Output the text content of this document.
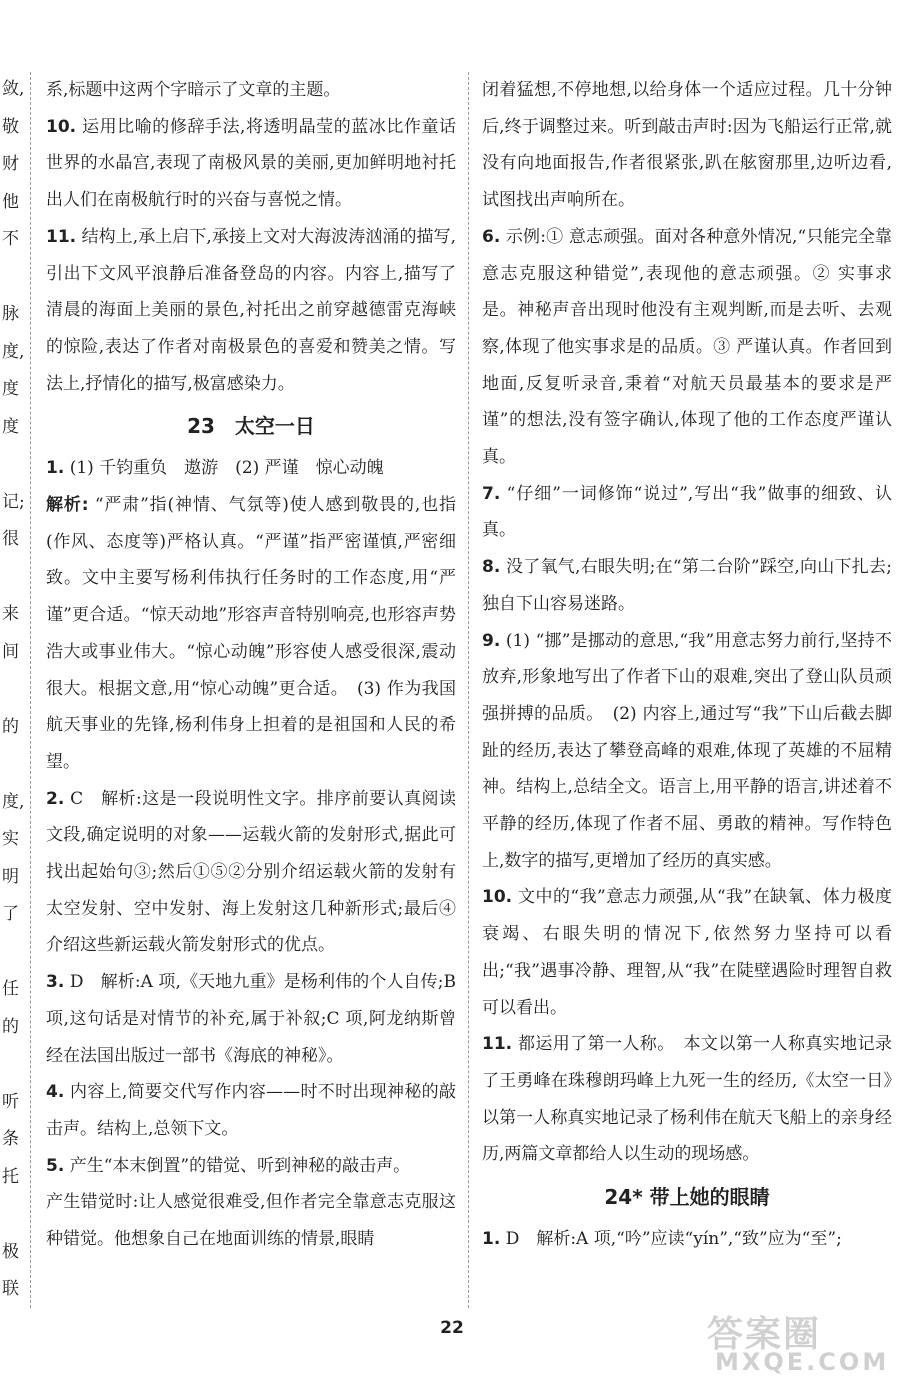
敛,
敬
财
他
不
脉
度,
度
度
记;
很
来
间
的
度,
实
明
了
任
的
听
条
托
极
联

系,标题中这两个字暗示了文章的主题。

10. 运用比喻的修辞手法,将透明晶莹的蓝冰比作童话世界的水晶宫,表现了南极风景的美丽,更加鲜明地衬托出人们在南极航行时的兴奋与喜悦之情。

11. 结构上,承上启下,承接上文对大海波涛汹涌的描写,引出下文风平浪静后准备登岛的内容。内容上,描写了清晨的海面上美丽的景色,衬托出之前穿越德雷克海峡的惊险,表达了作者对南极景色的喜爱和赞美之情。写法上,抒情化的描写,极富感染力。

23　太空一日

1. (1) 千钧重负　遨游　(2) 严谨　惊心动魄

解析: “严肃”指(神情、气氛等)使人感到敬畏的,也指(作风、态度等)严格认真。“严谨”指严密谨慎,严密细致。文中主要写杨利伟执行任务时的工作态度,用“严谨”更合适。“惊天动地”形容声音特别响亮,也形容声势浩大或事业伟大。“惊心动魄”形容使人感受很深,震动很大。根据文意,用“惊心动魄”更合适。　(3) 作为我国航天事业的先锋,杨利伟身上担着的是祖国和人民的希望。

2. C　解析:这是一段说明性文字。排序前要认真阅读文段,确定说明的对象——运载火箭的发射形式,据此可找出起始句③;然后①⑤②分别介绍运载火箭的发射有太空发射、空中发射、海上发射这几种新形式;最后④介绍这些新运载火箭发射形式的优点。

3. D　解析:A 项,《天地九重》是杨利伟的个人自传;B 项,这句话是对情节的补充,属于补叙;C 项,阿龙纳斯曾经在法国出版过一部书《海底的神秘》。

4. 内容上,简要交代写作内容——时不时出现神秘的敲击声。结构上,总领下文。

5. 产生“本末倒置”的错觉、听到神秘的敲击声。

产生错觉时:让人感觉很难受,但作者完全靠意志克服这种错觉。他想象自己在地面训练的情景,眼睛

闭着猛想,不停地想,以给身体一个适应过程。几十分钟后,终于调整过来。听到敲击声时:因为飞船运行正常,就没有向地面报告,作者很紧张,趴在舷窗那里,边听边看,试图找出声响所在。

6. 示例:① 意志顽强。面对各种意外情况,“只能完全靠意志克服这种错觉”,表现他的意志顽强。② 实事求是。神秘声音出现时他没有主观判断,而是去听、去观察,体现了他实事求是的品质。③ 严谨认真。作者回到地面,反复听录音,秉着“对航天员最基本的要求是严谨”的想法,没有签字确认,体现了他的工作态度严谨认真。

7. “仔细”一词修饰“说过”,写出“我”做事的细致、认真。

8. 没了氧气,右眼失明;在“第二台阶”踩空,向山下扎去;独自下山容易迷路。

9. (1) “挪”是挪动的意思,“我”用意志努力前行,坚持不放弃,形象地写出了作者下山的艰难,突出了登山队员顽强拼搏的品质。　(2) 内容上,通过写“我”下山后截去脚趾的经历,表达了攀登高峰的艰难,体现了英雄的不屈精神。结构上,总结全文。语言上,用平静的语言,讲述着不平静的经历,体现了作者不屈、勇敢的精神。写作特色上,数字的描写,更增加了经历的真实感。

10. 文中的“我”意志力顽强,从“我”在缺氧、体力极度衰竭、右眼失明的情况下,依然努力坚持可以看出;“我”遇事冷静、理智,从“我”在陡壁遇险时理智自救可以看出。

11. 都运用了第一人称。　本文以第一人称真实地记录了王勇峰在珠穆朗玛峰上九死一生的经历,《太空一日》以第一人称真实地记录了杨利伟在航天飞船上的亲身经历,两篇文章都给人以生动的现场感。

24* 带上她的眼睛

1. D　解析:A 项,“吟”应读“yín”,“致”应为“至”;

22	答案圈
MXQE.COM
